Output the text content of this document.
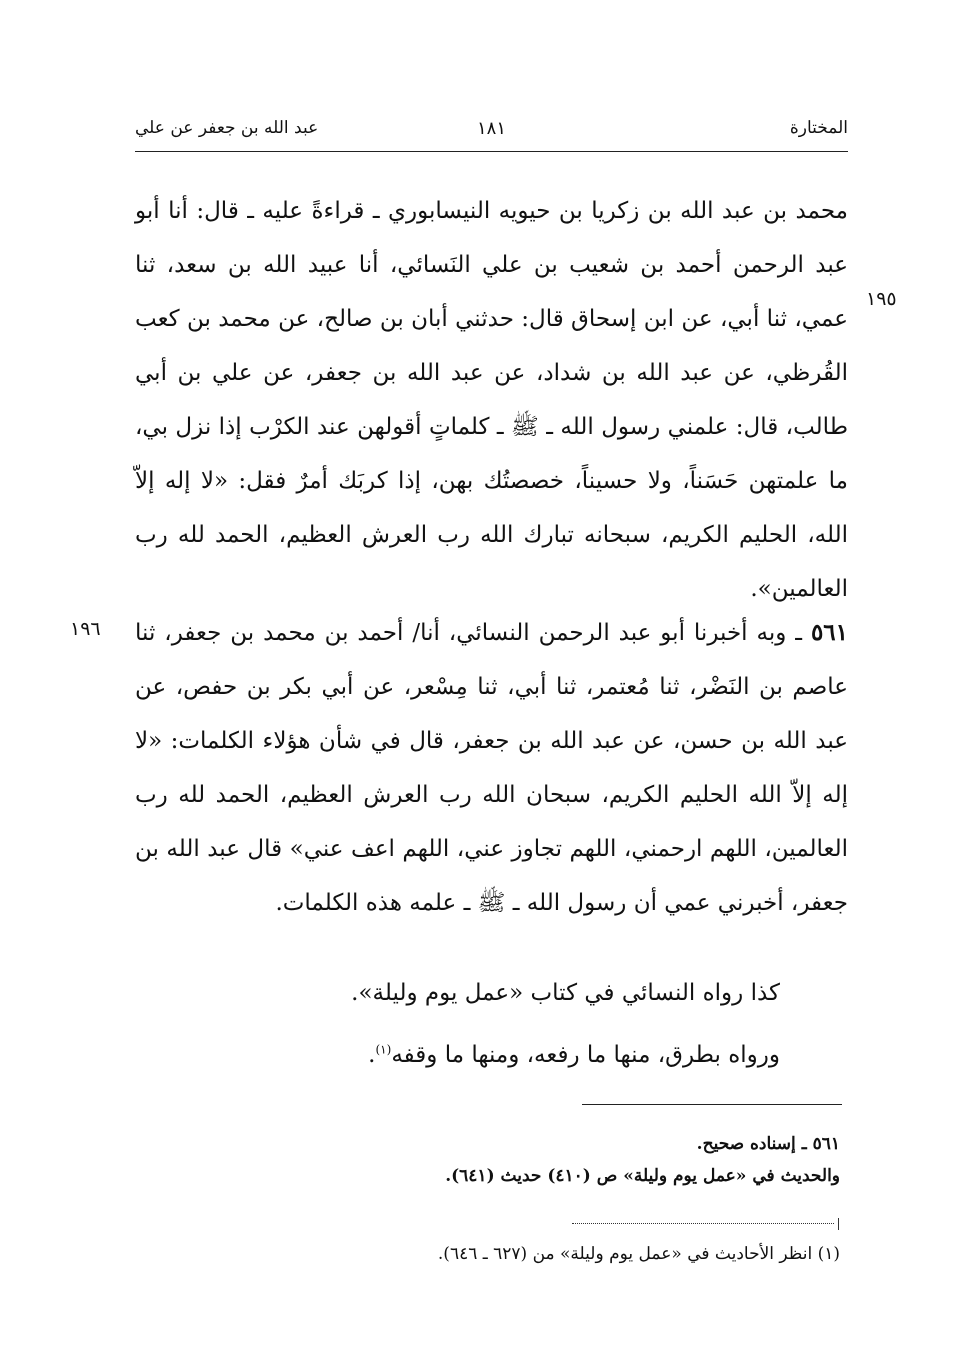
المختارة
١٨١
عبد الله بن جعفر عن علي
١٩٥
١٩٦

محمد بن عبد الله بن زكريا بن حيويه النيسابوري ـ قراءةً عليه ـ قال: أنا أبو عبد الرحمن أحمد بن شعيب بن علي النَسائي، أنا عبيد الله بن سعد، ثنا عمي، ثنا أبي، عن ابن إسحاق قال: حدثني أبان بن صالح، عن محمد بن كعب القُرظي، عن عبد الله بن شداد، عن عبد الله بن جعفر، عن علي بن أبي طالب، قال: علمني رسول الله ـ ﷺ ـ كلماتٍ أقولهن عند الكرْب إذا نزل بي، ما علمتهن حَسَناً، ولا حسيناً، خصصتُك بهن، إذا كربَك أمرٌ فقل: «لا إله إلاّ الله، الحليم الكريم، سبحانه تبارك الله رب العرش العظيم، الحمد لله رب العالمين».

٥٦١ ـ وبه أخبرنا أبو عبد الرحمن النسائي، أنا/ أحمد بن محمد بن جعفر، ثنا عاصم بن النَضْر، ثنا مُعتمر، ثنا أبي، ثنا مِسْعر، عن أبي بكر بن حفص، عن عبد الله بن حسن، عن عبد الله بن جعفر، قال في شأن هؤلاء الكلمات: «لا إله إلاّ الله الحليم الكريم، سبحان الله رب العرش العظيم، الحمد لله رب العالمين، اللهم ارحمني، اللهم تجاوز عني، اللهم اعف عني» قال عبد الله بن جعفر، أخبرني عمي أن رسول الله ـ ﷺ ـ علمه هذه الكلمات.

كذا رواه النسائي في كتاب «عمل يوم وليلة».

ورواه بطرق، منها ما رفعه، ومنها ما وقفه$^{(١)}$.

٥٦١ ـ إسناده صحيح.

والحديث في «عمل يوم وليلة» ص (٤١٠) حديث (٦٤١).

(١) انظر الأحاديث في «عمل يوم وليلة» من (٦٢٧ ـ ٦٤٦).
